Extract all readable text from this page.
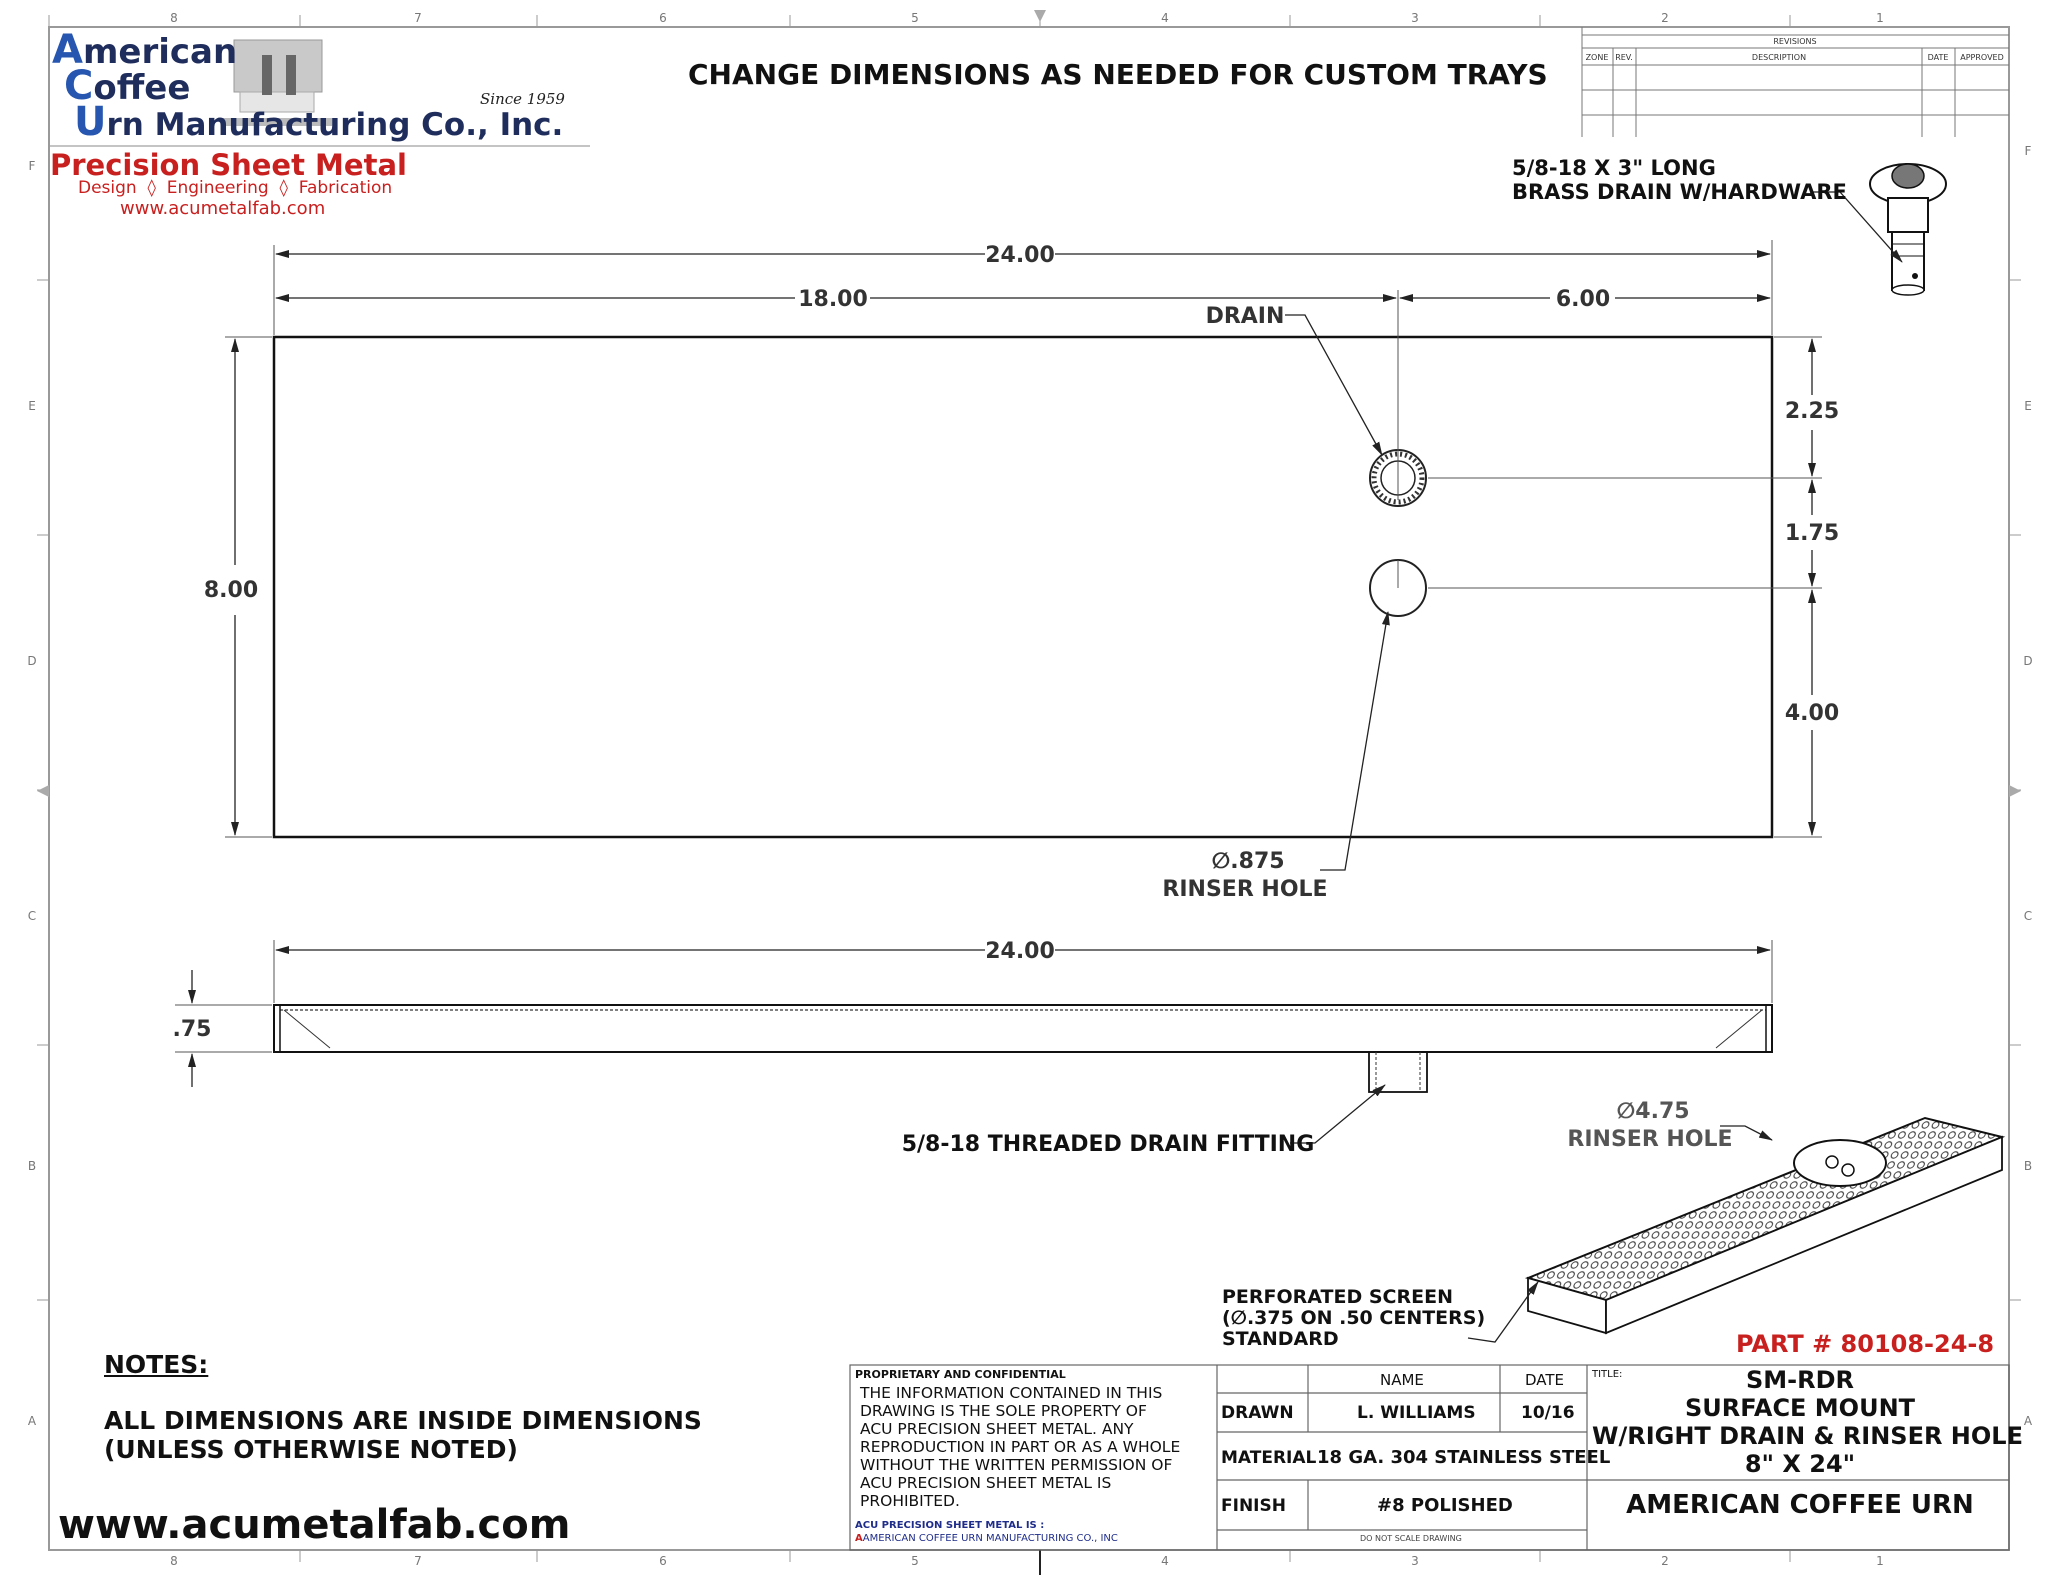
8	7	6	5	4	3	2	1
8	7	6	5	4	3	2	1
F
E
D
C
B
A
F
E
D
C
B
A
REVISIONS
ZONE REV.	DESCRIPTION	DATE APPROVED
24.00
18.00	6.00
8.00
2.25
1.75
4.00
DRAIN
∅.875
RINSER HOLE
24.00
.75
5/8-18 THREADED DRAIN FITTING
∅4.75
RINSER HOLE
American
Coffee
Urn Manufacturing Co., Inc.
Since 1959
Precision Sheet Metal
Design  ◊  Engineering  ◊  Fabrication
www.acumetalfab.com
CHANGE DIMENSIONS AS NEEDED FOR CUSTOM TRAYS
5/8-18 X 3" LONG
BRASS DRAIN W/HARDWARE
PERFORATED SCREEN
(∅.375 ON .50 CENTERS)
STANDARD	PART # 80108-24-8
NOTES:
ALL DIMENSIONS ARE INSIDE DIMENSIONS
(UNLESS OTHERWISE NOTED)
www.acumetalfab.com
PROPRIETARY AND CONFIDENTIAL
THE INFORMATION CONTAINED IN THIS
DRAWING IS THE SOLE PROPERTY OF
ACU PRECISION SHEET METAL. ANY
REPRODUCTION IN PART OR AS A WHOLE
WITHOUT THE WRITTEN PERMISSION OF
ACU PRECISION SHEET METAL IS
PROHIBITED.
ACU PRECISION SHEET METAL IS :
AAMERICAN COFFEE URN MANUFACTURING CO., INC
NAME	DATE
DRAWN	L. WILLIAMS	10/16
MATERIAL 18 GA. 304 STAINLESS STEEL
FINISH	#8 POLISHED
DO NOT SCALE DRAWING
TITLE:	SM-RDR
SURFACE MOUNT
W/RIGHT DRAIN & RINSER HOLE
8" X 24"
AMERICAN COFFEE URN
